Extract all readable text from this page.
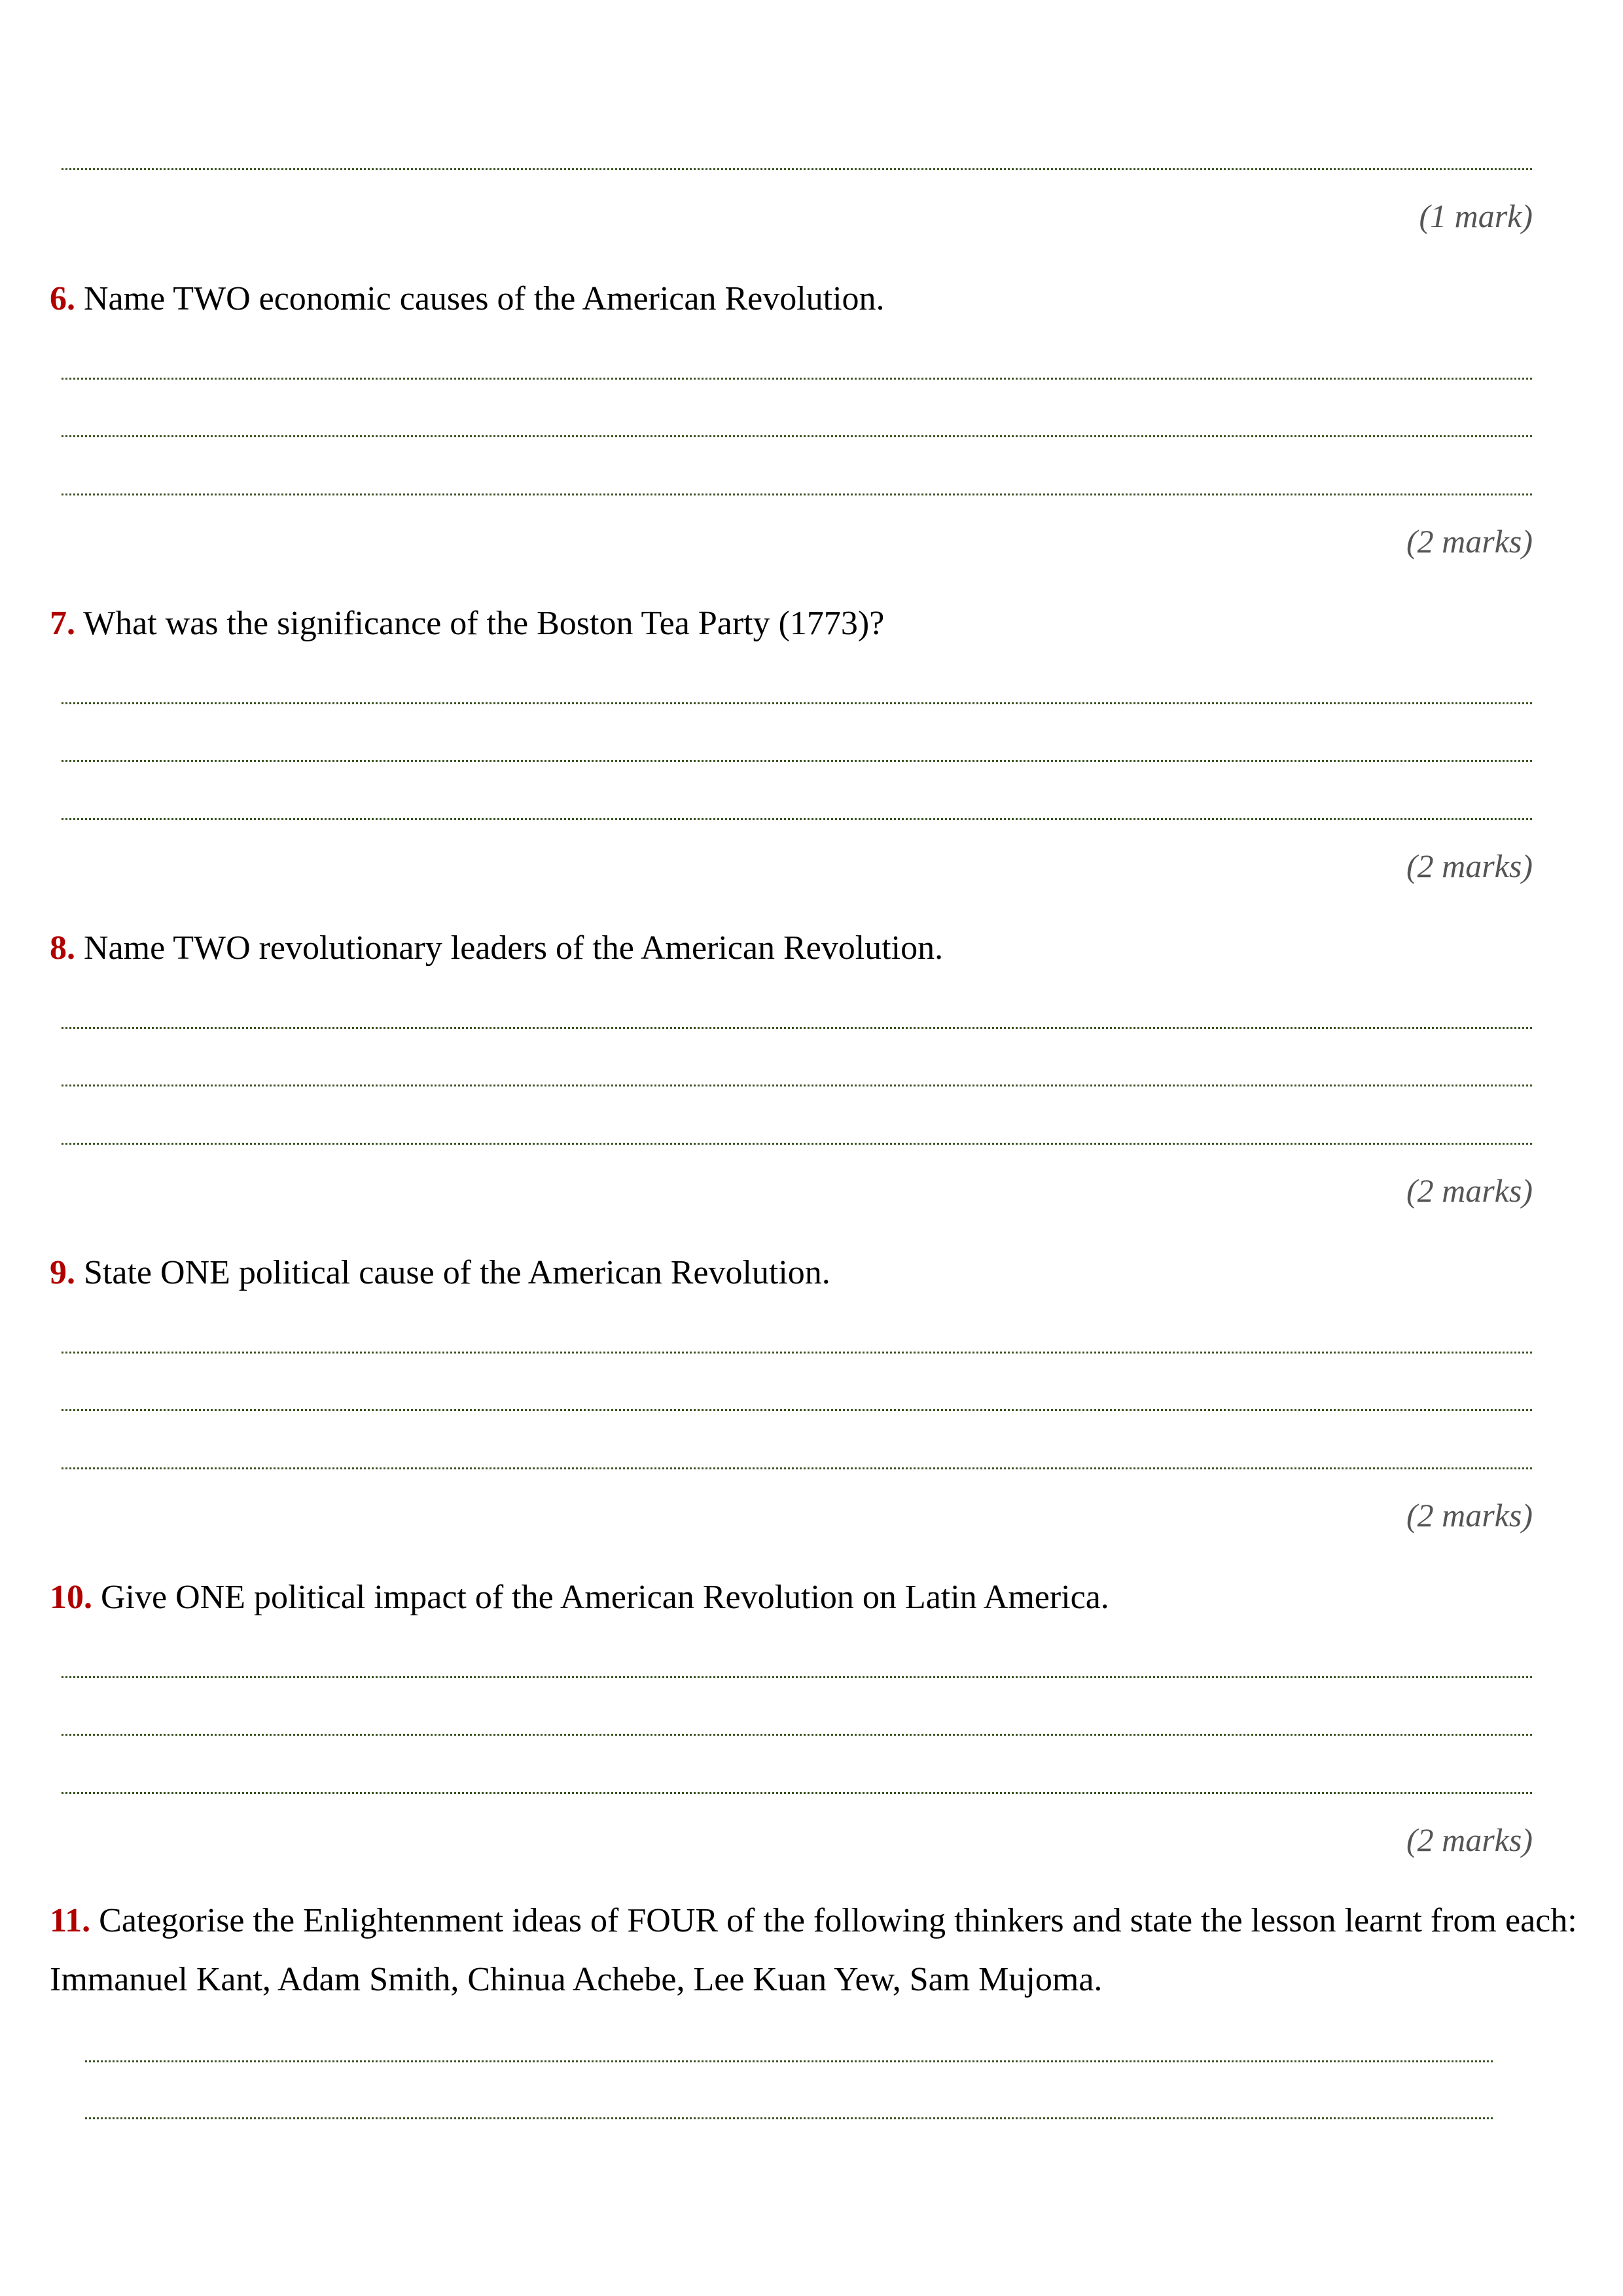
(1 mark)
6. Name TWO economic causes of the American Revolution.
(2 marks)
7. What was the significance of the Boston Tea Party (1773)?
(2 marks)
8. Name TWO revolutionary leaders of the American Revolution.
(2 marks)
9. State ONE political cause of the American Revolution.
(2 marks)
10. Give ONE political impact of the American Revolution on Latin America.
(2 marks)
11. Categorise the Enlightenment ideas of FOUR of the following thinkers and state the lesson learnt from each:
Immanuel Kant, Adam Smith, Chinua Achebe, Lee Kuan Yew, Sam Mujoma.
